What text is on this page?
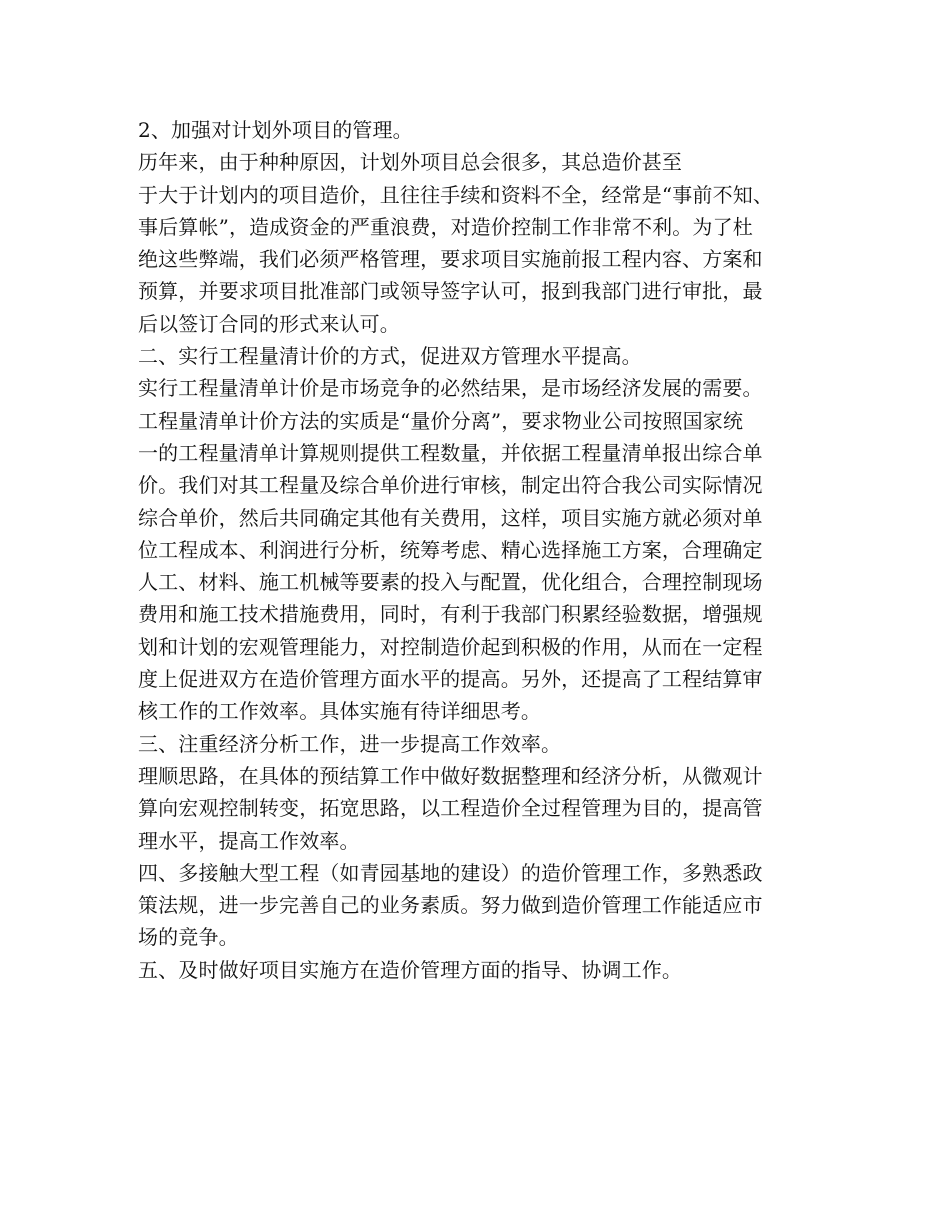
2、加强对计划外项目的管理。
历年来，由于种种原因，计划外项目总会很多，其总造价甚至
于大于计划内的项目造价，且往往手续和资料不全，经常是“事前不知、
事后算帐”，造成资金的严重浪费，对造价控制工作非常不利。为了杜
绝这些弊端，我们必须严格管理，要求项目实施前报工程内容、方案和
预算，并要求项目批准部门或领导签字认可，报到我部门进行审批，最
后以签订合同的形式来认可。
二、实行工程量清计价的方式，促进双方管理水平提高。
实行工程量清单计价是市场竞争的必然结果，是市场经济发展的需要。
工程量清单计价方法的实质是“量价分离”，要求物业公司按照国家统
一的工程量清单计算规则提供工程数量，并依据工程量清单报出综合单
价。我们对其工程量及综合单价进行审核，制定出符合我公司实际情况
综合单价，然后共同确定其他有关费用，这样，项目实施方就必须对单
位工程成本、利润进行分析，统筹考虑、精心选择施工方案，合理确定
人工、材料、施工机械等要素的投入与配置，优化组合，合理控制现场
费用和施工技术措施费用，同时，有利于我部门积累经验数据，增强规
划和计划的宏观管理能力，对控制造价起到积极的作用，从而在一定程
度上促进双方在造价管理方面水平的提高。另外，还提高了工程结算审
核工作的工作效率。具体实施有待详细思考。
三、注重经济分析工作，进一步提高工作效率。
理顺思路，在具体的预结算工作中做好数据整理和经济分析，从微观计
算向宏观控制转变，拓宽思路，以工程造价全过程管理为目的，提高管
理水平，提高工作效率。
四、多接触大型工程（如青园基地的建设）的造价管理工作，多熟悉政
策法规，进一步完善自己的业务素质。努力做到造价管理工作能适应市
场的竞争。
五、及时做好项目实施方在造价管理方面的指导、协调工作。
